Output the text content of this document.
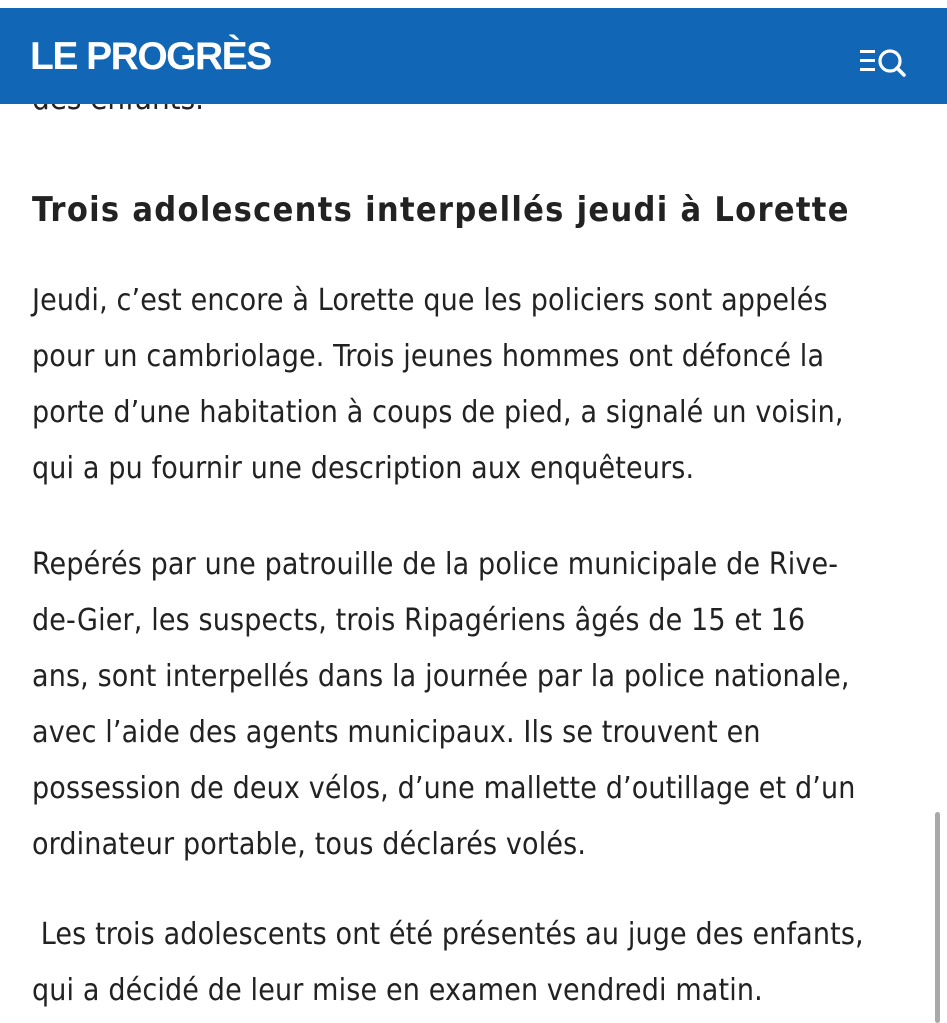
LE PROGRÈS
Trois adolescents interpellés jeudi à Lorette

Jeudi, c’est encore à Lorette que les policiers sont appelés
pour un cambriolage. Trois jeunes hommes ont défoncé la
porte d’une habitation à coups de pied, a signalé un voisin,
qui a pu fournir une description aux enquêteurs.

Repérés par une patrouille de la police municipale de Rive-
de-Gier, les suspects, trois Ripagériens âgés de 15 et 16
ans, sont interpellés dans la journée par la police nationale,
avec l’aide des agents municipaux. Ils se trouvent en
possession de deux vélos, d’une mallette d’outillage et d’un
ordinateur portable, tous déclarés volés.

Les trois adolescents ont été présentés au juge des enfants,
qui a décidé de leur mise en examen vendredi matin.
